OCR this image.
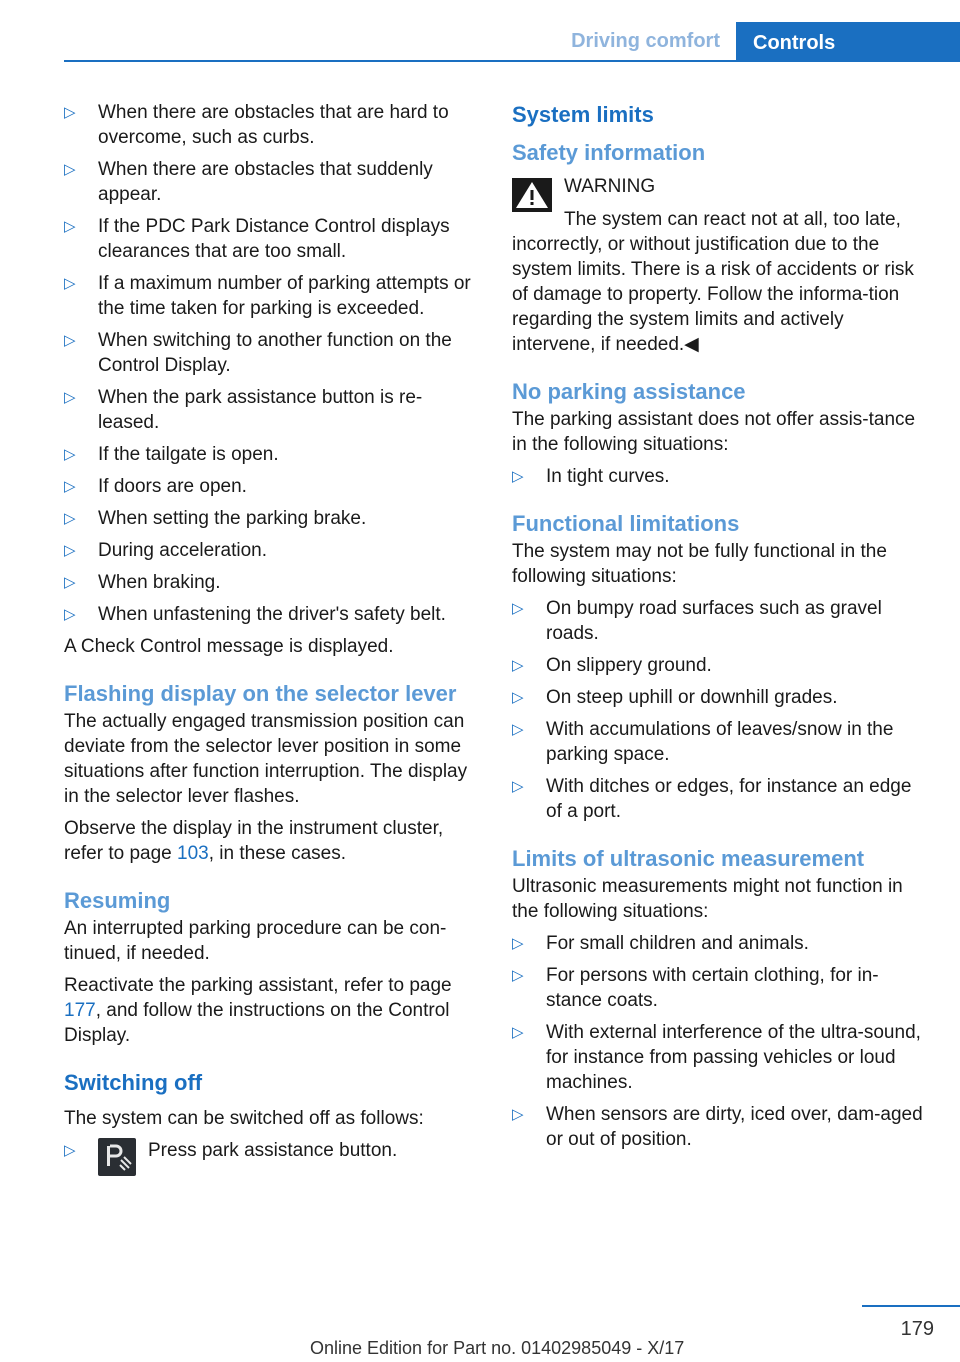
Driving comfort	Controls
▷ When there are obstacles that are hard to overcome, such as curbs.
▷ When there are obstacles that suddenly appear.
▷ If the PDC Park Distance Control displays clearances that are too small.
▷ If a maximum number of parking attempts or the time taken for parking is exceeded.
▷ When switching to another function on the Control Display.
▷ When the park assistance button is re-leased.
▷ If the tailgate is open.
▷ If doors are open.
▷ When setting the parking brake.
▷ During acceleration.
▷ When braking.
▷ When unfastening the driver's safety belt.

A Check Control message is displayed.

Flashing display on the selector lever

The actually engaged transmission position can deviate from the selector lever position in some situations after function interruption. The display in the selector lever flashes.

Observe the display in the instrument cluster, refer to page 103, in these cases.

Resuming

An interrupted parking procedure can be con-tinued, if needed.

Reactivate the parking assistant, refer to page 177, and follow the instructions on the Control Display.

Switching off

The system can be switched off as follows:

▷	Press park assistance button.
System limits
Safety information

WARNING

The system can react not at all, too late, incorrectly, or without justification due to the system limits. There is a risk of accidents or risk of damage to property. Follow the informa-tion regarding the system limits and actively intervene, if needed.◀

No parking assistance

The parking assistant does not offer assis-tance in the following situations:

▷ In tight curves.
Functional limitations

The system may not be fully functional in the following situations:

▷ On bumpy road surfaces such as gravel roads.
▷ On slippery ground.
▷ On steep uphill or downhill grades.
▷ With accumulations of leaves/snow in the parking space.
▷ With ditches or edges, for instance an edge of a port.
Limits of ultrasonic measurement

Ultrasonic measurements might not function in the following situations:

▷ For small children and animals.
▷ For persons with certain clothing, for in-stance coats.
▷ With external interference of the ultra-sound, for instance from passing vehicles or loud machines.
▷ When sensors are dirty, iced over, dam-aged or out of position.
179
Online Edition for Part no. 01402985049 - X/17
